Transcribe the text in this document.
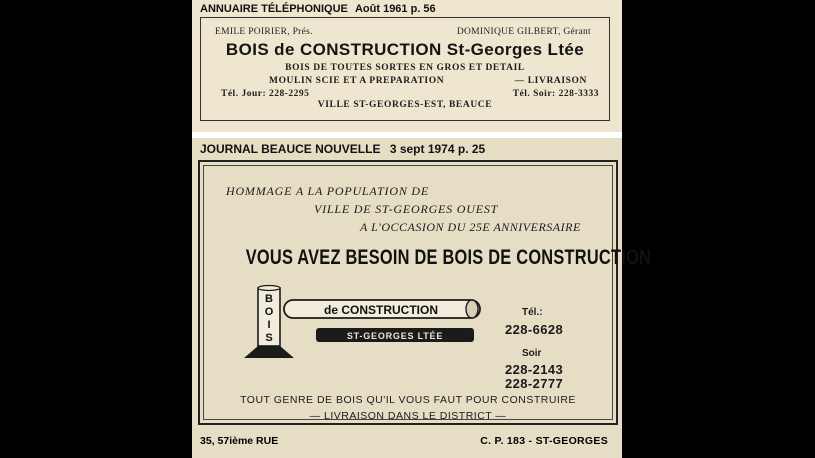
ANNUAIRE TÉLÉPHONIQUE Août 1961 p. 56
EMILE POIRIER, Prés.	DOMINIQUE GILBERT, Gérant
BOIS de CONSTRUCTION St-Georges Ltée
BOIS DE TOUTES SORTES EN GROS ET DETAIL
MOULIN SCIE ET A PREPARATION	— LIVRAISON
Tél. Jour: 228-2295	Tél. Soir: 228-3333
VILLE ST-GEORGES-EST, BEAUCE
JOURNAL BEAUCE NOUVELLE 3 sept 1974 p. 25
HOMMAGE A LA POPULATION DE
VILLE DE ST-GEORGES OUEST
A L'OCCASION DU 25E ANNIVERSAIRE
VOUS AVEZ BESOIN DE BOIS DE CONSTRUCTION
B
O
I
S
de CONSTRUCTION
ST-GEORGES LTÉE
Tél.:
228-6628
Soir
228-2143
228-2777
TOUT GENRE DE BOIS QU'IL VOUS FAUT POUR CONSTRUIRE
— LIVRAISON DANS LE DISTRICT —
35, 57ième RUE	C. P. 183 - ST-GEORGES
